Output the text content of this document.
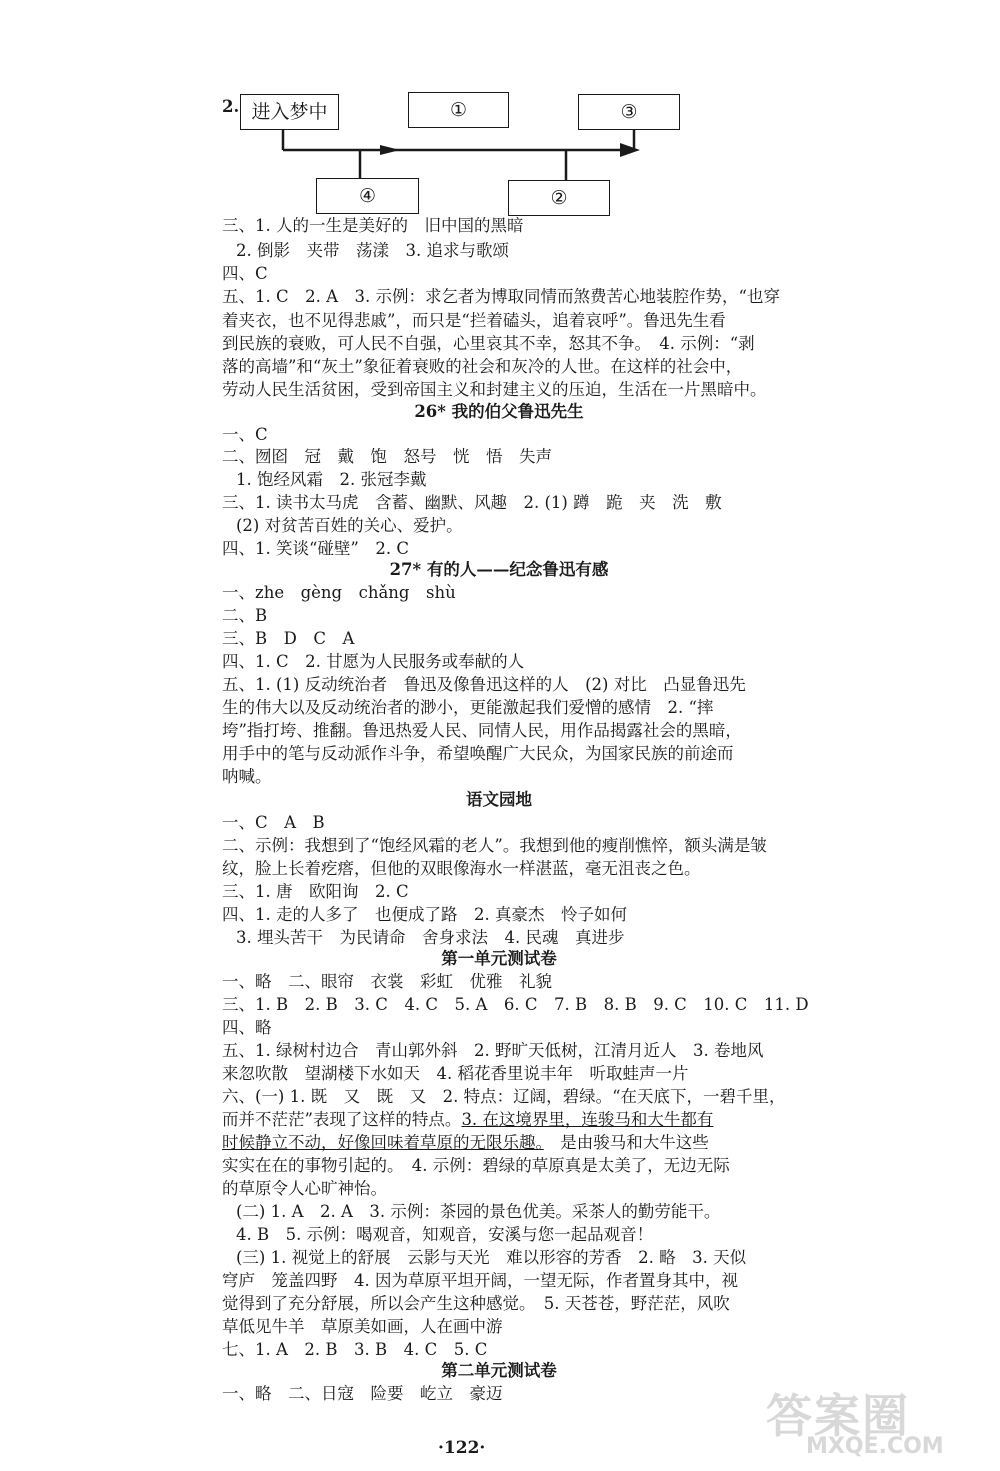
2. 进入梦中	①	③
④	②
三、1. 人的一生是美好的　旧中国的黑暗
2. 倒影　夹带　荡漾　3. 追求与歌颂
四、C
五、1. C　2. A　3. 示例：求乞者为博取同情而煞费苦心地装腔作势，“也穿
着夹衣，也不见得悲戚”，而只是“拦着磕头，追着哀呼”。鲁迅先生看
到民族的衰败，可人民不自强，心里哀其不幸，怒其不争。　4. 示例：“剥
落的高墙”和“灰土”象征着衰败的社会和灰冷的人世。在这样的社会中，
劳动人民生活贫困，受到帝国主义和封建主义的压迫，生活在一片黑暗中。
26* 我的伯父鲁迅先生
一、C
二、囫囵　冠　戴　饱　怒号　恍　悟　失声
1. 饱经风霜　2. 张冠李戴
三、1. 读书太马虎　含蓄、幽默、风趣　2. (1) 蹲　跪　夹　洗　敷
(2) 对贫苦百姓的关心、爱护。
四、1. 笑谈“碰壁”　2. C
27* 有的人——纪念鲁迅有感
一、zhe　gèng　chǎng　shù
二、B
三、B　D　C　A
四、1. C　2. 甘愿为人民服务或奉献的人
五、1. (1) 反动统治者　鲁迅及像鲁迅这样的人　(2) 对比　凸显鲁迅先
生的伟大以及反动统治者的渺小，更能激起我们爱憎的感情　2. “摔
垮”指打垮、推翻。鲁迅热爱人民、同情人民，用作品揭露社会的黑暗，
用手中的笔与反动派作斗争，希望唤醒广大民众，为国家民族的前途而
呐喊。
语文园地
一、C　A　B
二、示例：我想到了“饱经风霜的老人”。我想到他的瘦削憔悴，额头满是皱
纹，脸上长着疙瘩，但他的双眼像海水一样湛蓝，毫无沮丧之色。
三、1. 唐　欧阳询　2. C
四、1. 走的人多了　也便成了路　2. 真豪杰　怜子如何
3. 埋头苦干　为民请命　舍身求法　4. 民魂　真进步
第一单元测试卷
一、略　二、眼帘　衣裳　彩虹　优雅　礼貌
三、1. B　2. B　3. C　4. C　5. A　6. C　7. B　8. B　9. C　10. C　11. D
四、略
五、1. 绿树村边合　青山郭外斜　2. 野旷天低树，江清月近人　3. 卷地风
来忽吹散　望湖楼下水如天　4. 稻花香里说丰年　听取蛙声一片
六、(一) 1. 既　又　既　又　2. 特点：辽阔，碧绿。“在天底下，一碧千里，
而并不茫茫”表现了这样的特点。3. 在这境界里，连骏马和大牛都有
时候静立不动，好像回味着草原的无限乐趣。　 是由骏马和大牛这些
实实在在的事物引起的。　4. 示例：碧绿的草原真是太美了，无边无际
的草原令人心旷神怡。
(二) 1. A　2. A　3. 示例：茶园的景色优美。采茶人的勤劳能干。
4. B　5. 示例：喝观音，知观音，安溪与您一起品观音！
(三) 1. 视觉上的舒展　云影与天光　难以形容的芳香　2. 略　3. 天似
穹庐　笼盖四野　4. 因为草原平坦开阔，一望无际，作者置身其中，视
觉得到了充分舒展，所以会产生这种感觉。　5. 天苍苍，野茫茫，风吹
草低见牛羊　草原美如画，人在画中游
七、1. A　2. B　3. B　4. C　5. C
第二单元测试卷
一、略　二、日寇　险要　屹立　豪迈
·122·
答案圈
MXQE.COM
